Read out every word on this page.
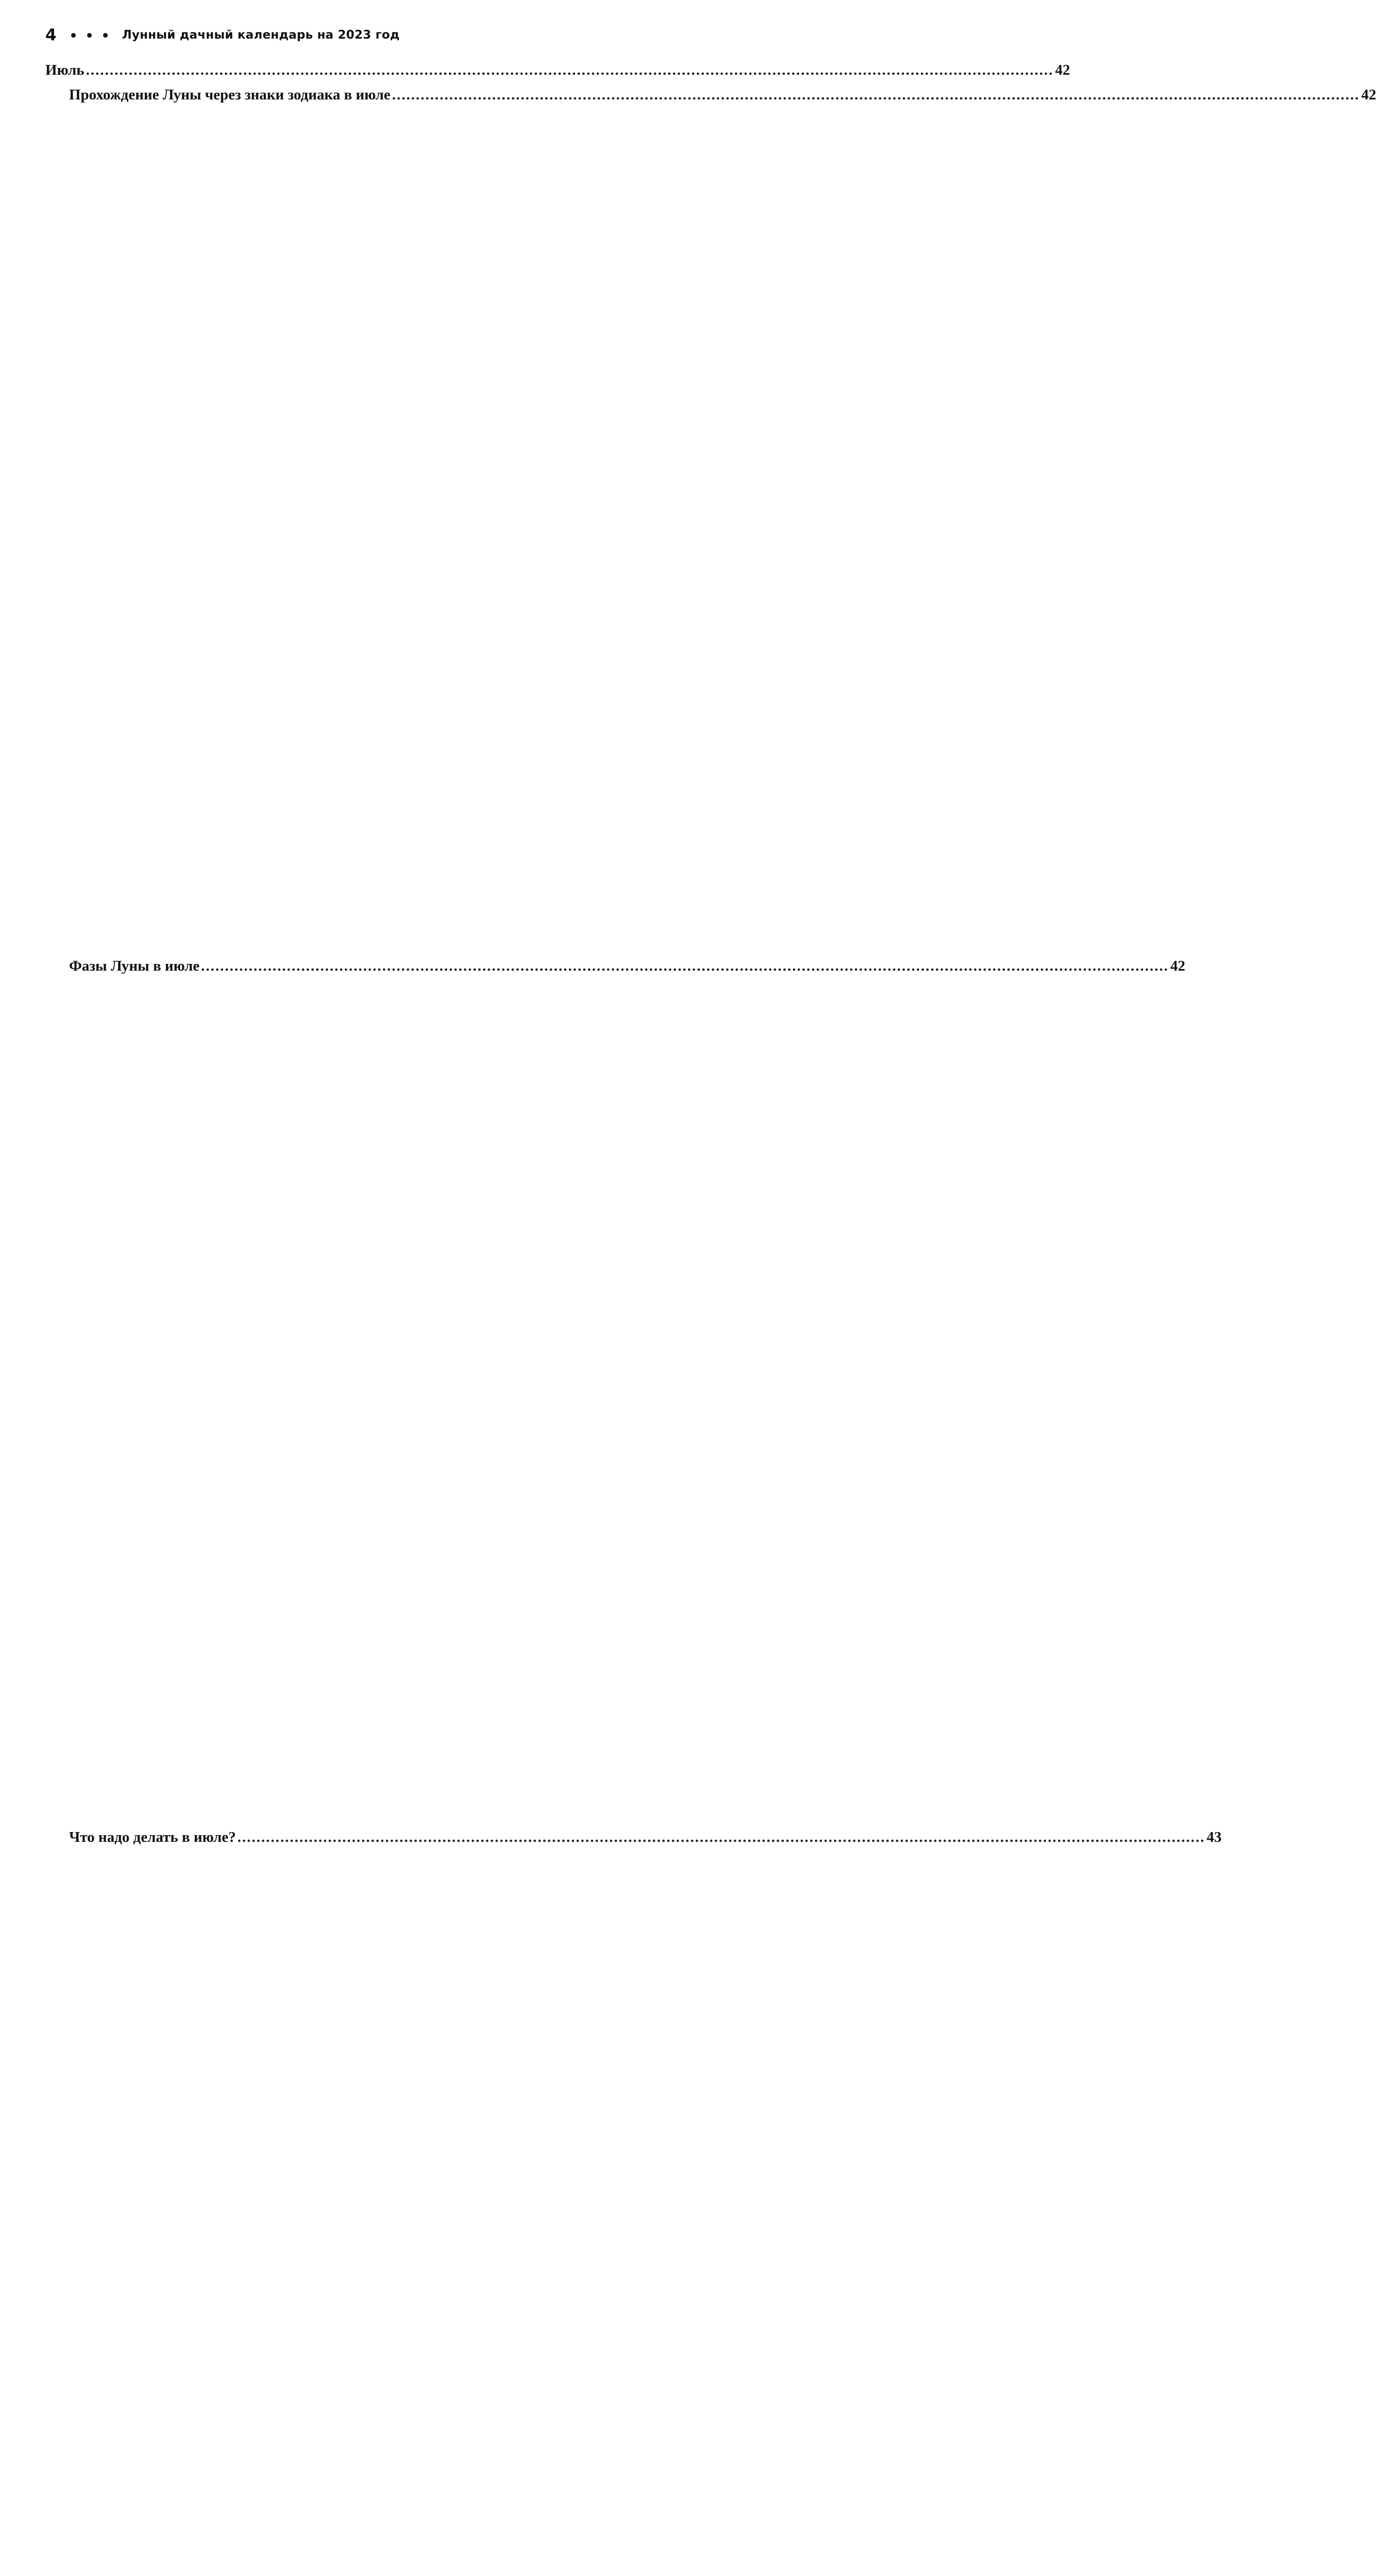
4	Лунный дачный календарь на 2023 год
Июль .....	42
Прохождение Луны через знаки зодиака в июле .....	42
Фазы Луны в июле .....	42
Что надо делать в июле? .....	43
